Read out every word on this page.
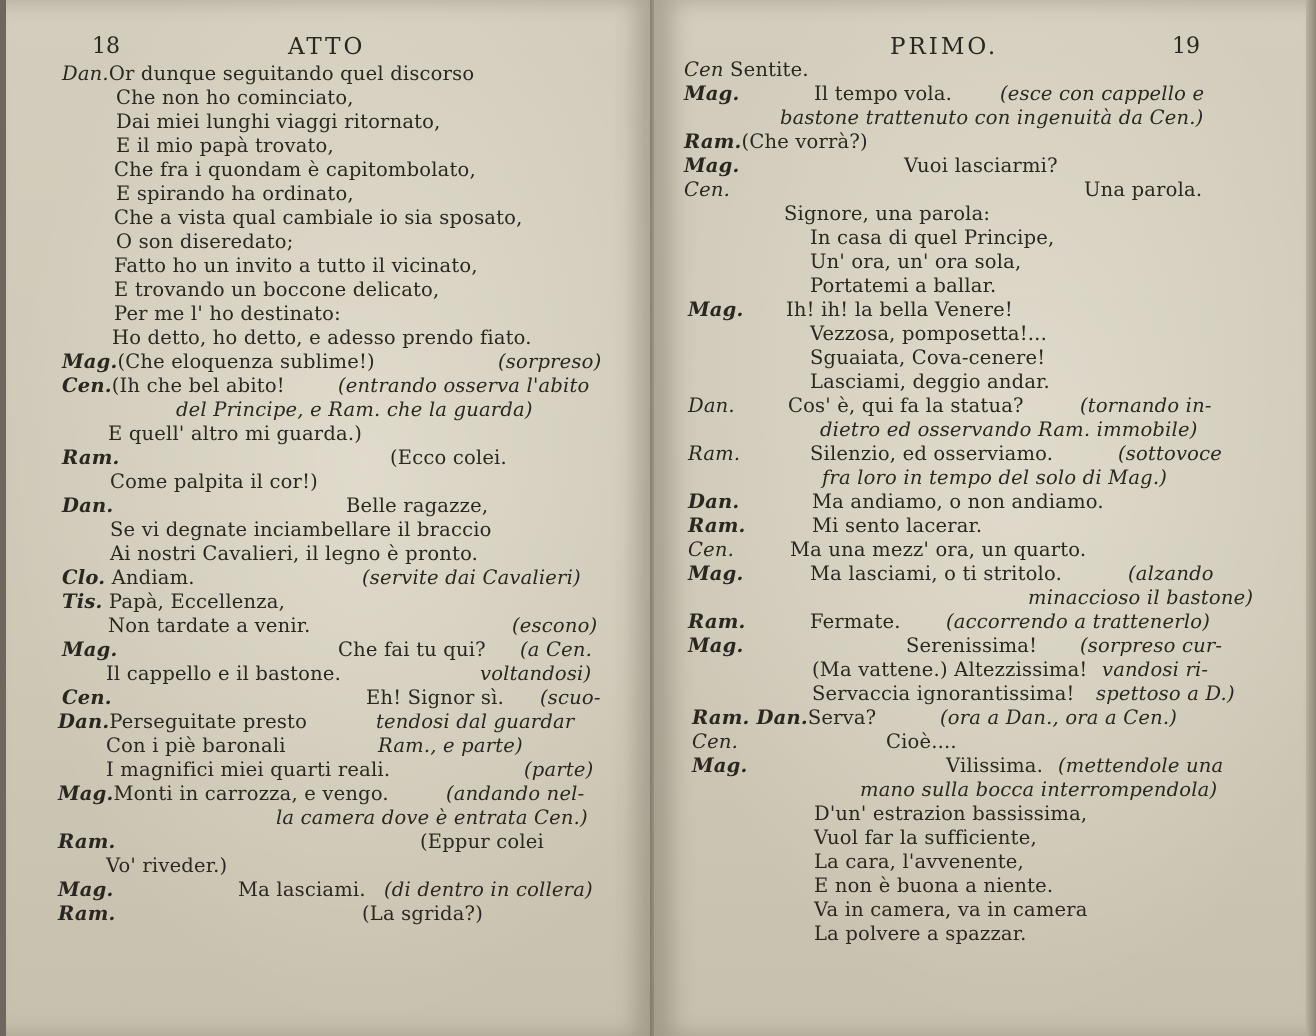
18	ATTO
Dan.Or dunque seguitando quel discorso
Che non ho cominciato,
Dai miei lunghi viaggi ritornato,
E il mio papà trovato,
Che fra i quondam è capitombolato,
E spirando ha ordinato,
Che a vista qual cambiale io sia sposato,
O son diseredato;
Fatto ho un invito a tutto il vicinato,
E trovando un boccone delicato,
Per me l' ho destinato:
Ho detto, ho detto, e adesso prendo fiato.
Mag.(Che eloquenza sublime!)	(sorpreso)
Cen.(Ih che bel abito!	(entrando osserva l'abito
del Principe, e Ram. che la guarda)
E quell' altro mi guarda.)
Ram.	(Ecco colei.
Come palpita il cor!)
Dan.	Belle ragazze,
Se vi degnate inciambellare il braccio
Ai nostri Cavalieri, il legno è pronto.
Clo. Andiam.	(servite dai Cavalieri)
Tis. Papà, Eccellenza,
Non tardate a venir.	(escono)
Mag.	Che fai tu qui? (a Cen.
Il cappello e il bastone.	voltandosi)
Cen.	Eh! Signor sì. (scuo-
Dan.Perseguitate presto	tendosi dal guardar
Con i piè baronali	Ram., e parte)
I magnifici miei quarti reali.	(parte)
Mag.Monti in carrozza, e vengo.	(andando nel-
la camera dove è entrata Cen.)
Ram.	(Eppur colei
Vo' riveder.)
Mag.	Ma lasciami. (di dentro in collera)
Ram.	(La sgrida?)
PRIMO.	19
Cen Sentite.
Mag.	Il tempo vola. (esce con cappello e
bastone trattenuto con ingenuità da Cen.)
Ram.(Che vorrà?)
Mag.	Vuoi lasciarmi?
Cen.	Una parola.
Signore, una parola:
In casa di quel Principe,
Un' ora, un' ora sola,
Portatemi a ballar.
Mag. Ih! ih! la bella Venere!
Vezzosa, pomposetta!...
Sguaiata, Cova-cenere!
Lasciami, deggio andar.
Dan.	Cos' è, qui fa la statua?	(tornando in-
dietro ed osservando Ram. immobile)
Ram.	Silenzio, ed osserviamo.	(sottovoce
fra loro in tempo del solo di Mag.)
Dan.	Ma andiamo, o non andiamo.
Ram.	Mi sento lacerar.
Cen.	Ma una mezz' ora, un quarto.
Mag.	Ma lasciami, o ti stritolo.	(alzando
minaccioso il bastone)
Ram.	Fermate. (accorrendo a trattenerlo)
Mag.	Serenissima! (sorpreso cur-
(Ma vattene.) Altezzissima! vandosi ri-
Servaccia ignorantissima! spettoso a D.)
Ram. Dan.Serva?	(ora a Dan., ora a Cen.)
Cen.	Cioè....
Mag.	Vilissima. (mettendole una
mano sulla bocca interrompendola)
D'un' estrazion bassissima,
Vuol far la sufficiente,
La cara, l'avvenente,
E non è buona a niente.
Va in camera, va in camera
La polvere a spazzar.
